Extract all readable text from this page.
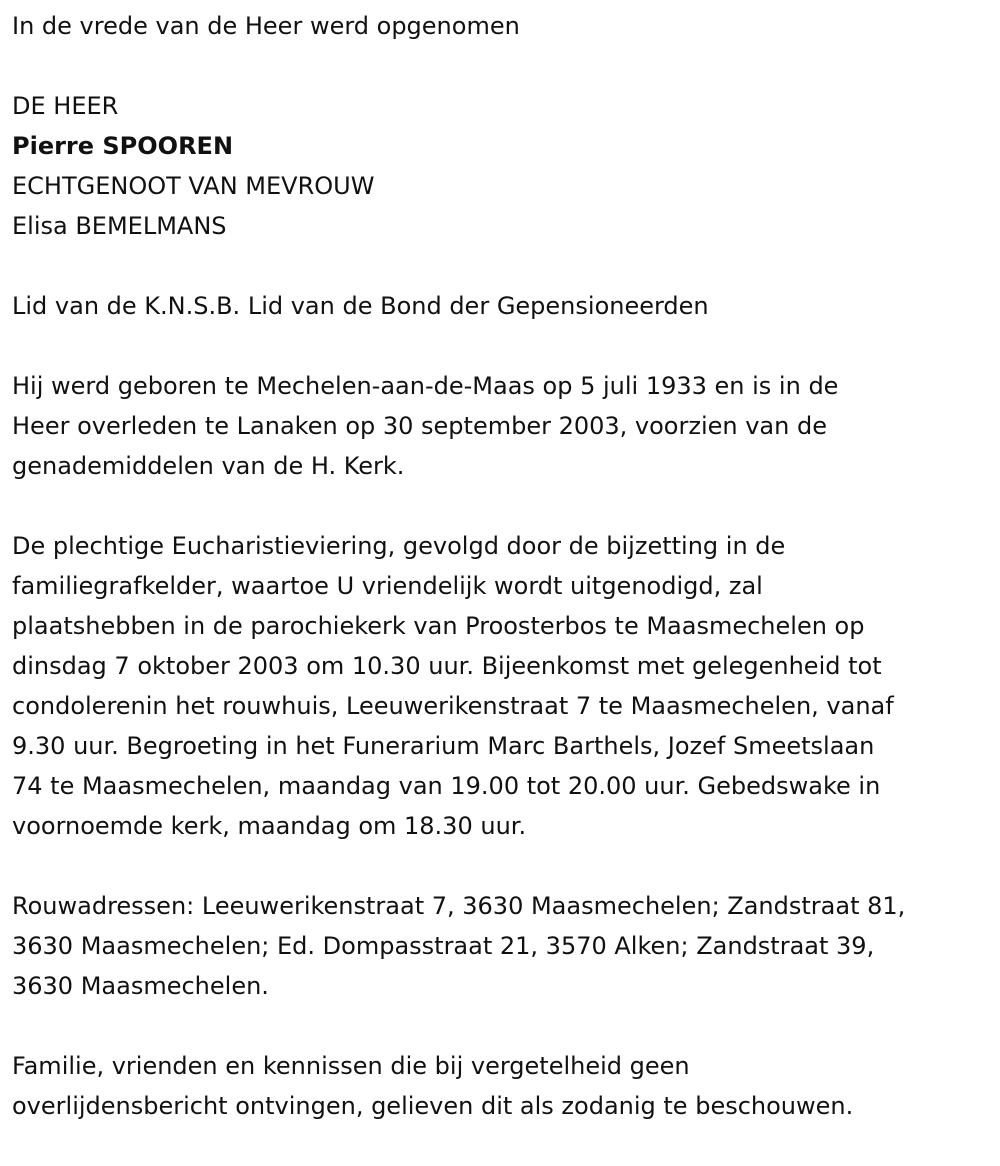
In de vrede van de Heer werd opgenomen

DE HEER

Pierre SPOOREN

ECHTGENOOT VAN MEVROUW

Elisa BEMELMANS

Lid van de K.N.S.B. Lid van de Bond der Gepensioneerden

Hij werd geboren te Mechelen-aan-de-Maas op 5 juli 1933 en is in de
Heer overleden te Lanaken op 30 september 2003, voorzien van de
genademiddelen van de H. Kerk.

De plechtige Eucharistieviering, gevolgd door de bijzetting in de
familiegrafkelder, waartoe U vriendelijk wordt uitgenodigd, zal
plaatshebben in de parochiekerk van Proosterbos te Maasmechelen op
dinsdag 7 oktober 2003 om 10.30 uur. Bijeenkomst met gelegenheid tot
condolerenin het rouwhuis, Leeuwerikenstraat 7 te Maasmechelen, vanaf
9.30 uur. Begroeting in het Funerarium Marc Barthels, Jozef Smeetslaan
74 te Maasmechelen, maandag van 19.00 tot 20.00 uur. Gebedswake in
voornoemde kerk, maandag om 18.30 uur.

Rouwadressen: Leeuwerikenstraat 7, 3630 Maasmechelen; Zandstraat 81,
3630 Maasmechelen; Ed. Dompasstraat 21, 3570 Alken; Zandstraat 39,
3630 Maasmechelen.

Familie, vrienden en kennissen die bij vergetelheid geen
overlijdensbericht ontvingen, gelieven dit als zodanig te beschouwen.
